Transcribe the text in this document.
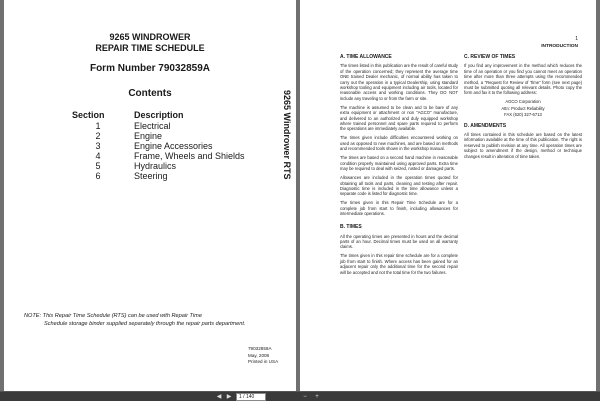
9265 WINDROWER
REPAIR TIME SCHEDULE
Form Number 79032859A
Contents
Section	Description
1	Electrical
2	Engine
3	Engine Accessories
4	Frame, Wheels and Shields
5	Hydraulics
6	Steering
NOTE: This Repair Time Schedule (RTS) can be used with Repair Time
Schedule storage binder supplied separately through the repair parts department.
79032859A
May, 2008
Printed in USA
9265 Windrower RTS
1
INTRODUCTION
A. TIME ALLOWANCE

The times listed in this publication are the result of careful study of the operation concerned; they represent the average time ONE trained Dealer mechanic, of normal ability has taken to carry out the operation in a typical Dealership, using standard workshop tooling and equipment including air tools, located for reasonable access and working conditions. They DO NOT include any traveling to or from the farm or site.

The machine is assumed to be clean and to be bare of any extra equipment or attachment or non "AGCO" manufacture, and delivered to an authorized and duly equipped workshop where trained personnel and spare parts required to perform the operations are immediately available.

The times given include difficulties encountered working on used as opposed to new machines, and are based on methods and recommended tools shown in the workshop manual.

The times are based on a second hand machine in reasonable condition properly maintained using approved parts. Extra time may be required to deal with seized, rusted or damaged parts.

Allowances are included in the operation times quoted for obtaining all tools and parts, cleaning and testing after repair. Diagnostic time is included in the time allowance unless a separate code is listed for diagnostic time.

The times given in this Repair Time Schedule are for a complete job from start to finish, including allowances for intermediate operations.

B. TIMES

All the operating times are presented in hours and the decimal parts of an hour. Decimal times must be used on all warranty claims.

The times given in this repair time schedule are for a complete job from start to finish. Where access has been gained for an adjacent repair only the additional time for the second repair will be accepted and not the total time for the two failures.

C. REVIEW OF TIMES

If you find any improvement in the method which reduces the time of an operation or you find you cannot meet an operation time after more than three attempts using the recommended method, a "Request for Review of Time" form (see next page) must be submitted quoting all relevant details. Photo copy the form and fax it to the following address:

AGCO Corporation
Attn: Product Reliability
FAX (620) 327-6713
D. AMENDMENTS

All times contained in this schedule are based on the latest information available at the time of this publication. The right is reserved to publish revision at any time. All operation times are subject to amendment if the design, method or technique changes result in alteration of time taken.

◀ ▶
1 / 140	−	+
